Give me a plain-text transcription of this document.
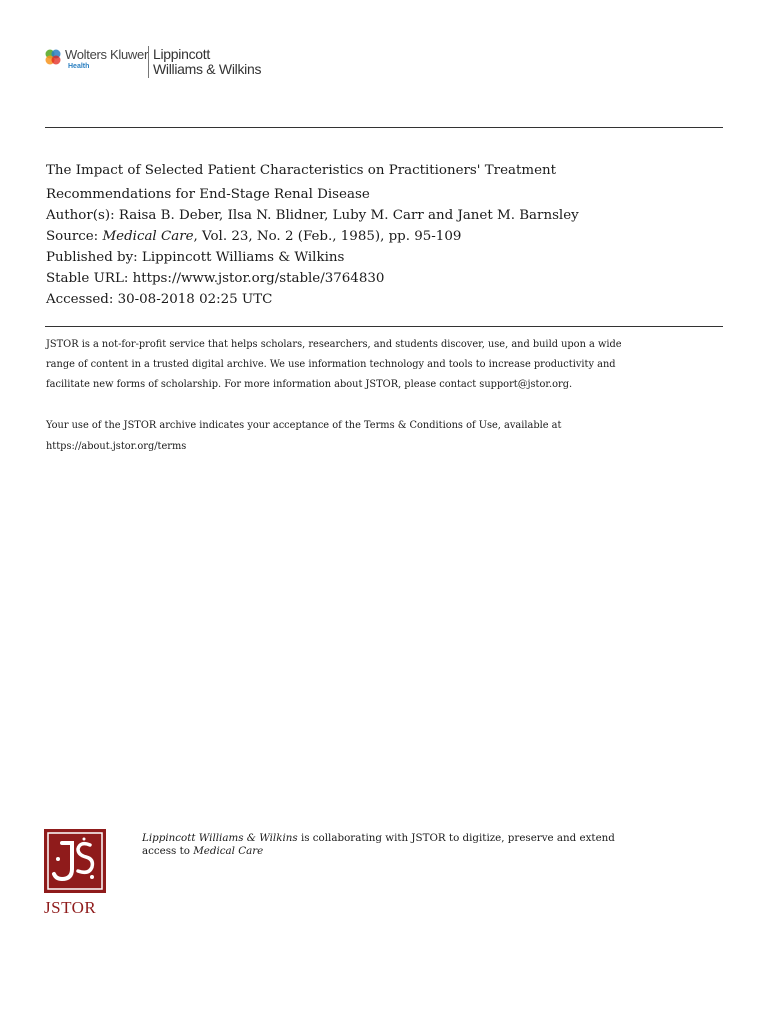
Wolters Kluwer
Health
Lippincott
Williams & Wilkins
The Impact of Selected Patient Characteristics on Practitioners' Treatment
Recommendations for End-Stage Renal Disease
Author(s): Raisa B. Deber, Ilsa N. Blidner, Luby M. Carr and Janet M. Barnsley
Source: Medical Care, Vol. 23, No. 2 (Feb., 1985), pp. 95-109
Published by: Lippincott Williams & Wilkins
Stable URL: https://www.jstor.org/stable/3764830
Accessed: 30-08-2018 02:25 UTC
JSTOR is a not-for-profit service that helps scholars, researchers, and students discover, use, and build upon a wide
range of content in a trusted digital archive. We use information technology and tools to increase productivity and
facilitate new forms of scholarship. For more information about JSTOR, please contact support@jstor.org.
Your use of the JSTOR archive indicates your acceptance of the Terms & Conditions of Use, available at
https://about.jstor.org/terms
JSTOR
Lippincott Williams & Wilkins is collaborating with JSTOR to digitize, preserve and extend
access to Medical Care
